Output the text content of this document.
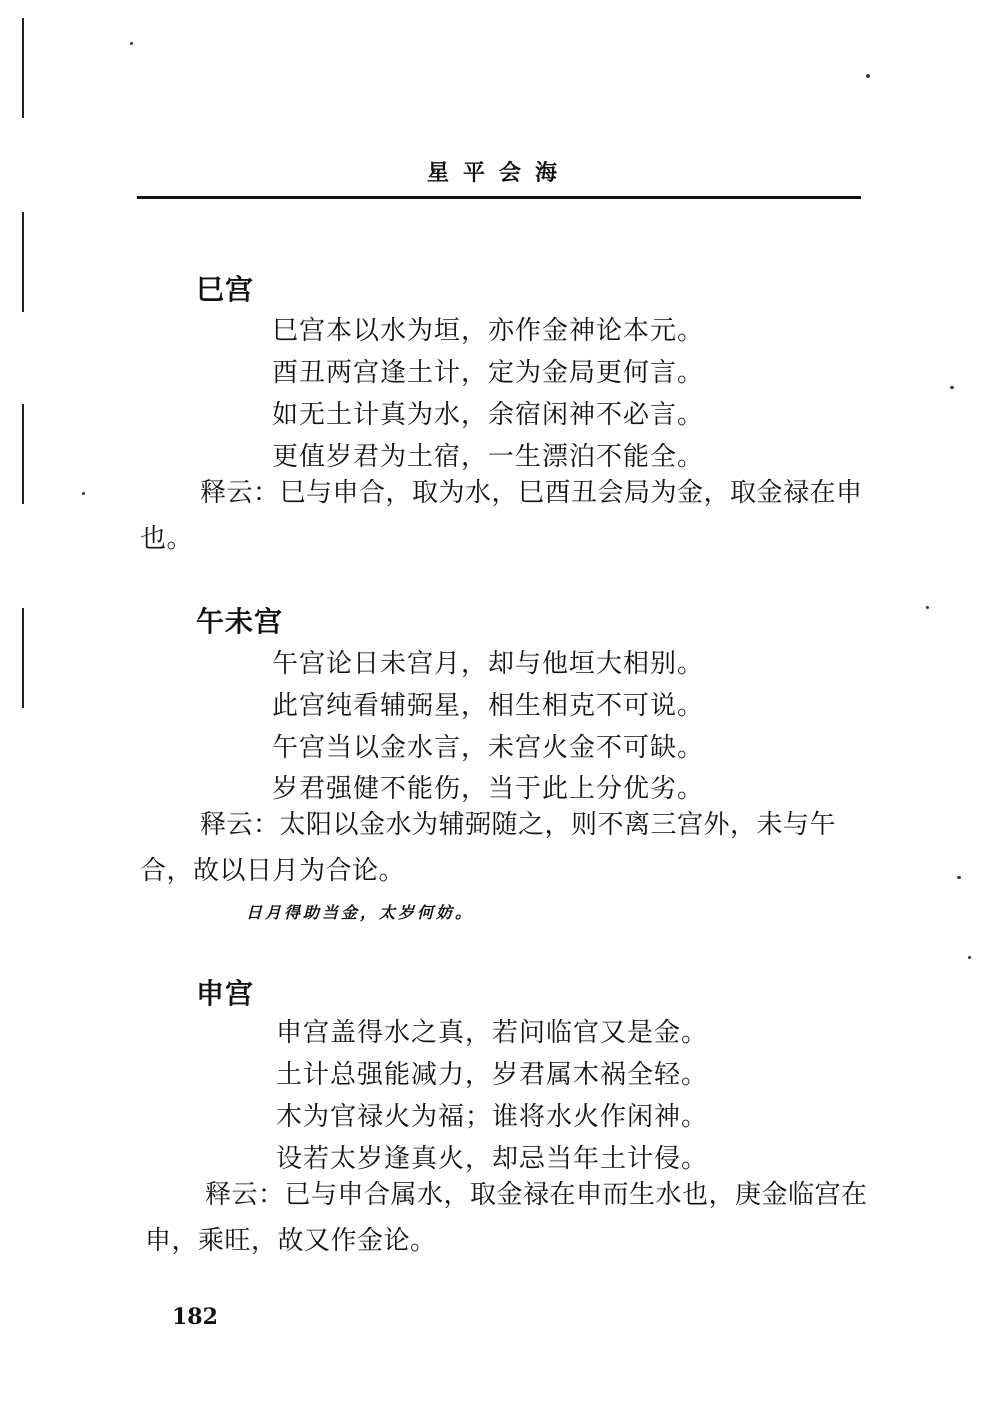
星平会海
巳宫
巳宫本以水为垣，亦作金神论本元。
酉丑两宫逢土计，定为金局更何言。
如无土计真为水，余宿闲神不必言。
更值岁君为土宿，一生漂泊不能全。
释云：巳与申合，取为水，巳酉丑会局为金，取金禄在申也。
午未宫
午宫论日未宫月，却与他垣大相别。
此宫纯看辅弼星，相生相克不可说。
午宫当以金水言，未宫火金不可缺。
岁君强健不能伤，当于此上分优劣。
释云：太阳以金水为辅弼随之，则不离三宫外，未与午合，故以日月为合论。
日月得助当金，太岁何妨。
申宫
申宫盖得水之真，若问临官又是金。
土计总强能减力，岁君属木祸全轻。
木为官禄火为福；谁将水火作闲神。
设若太岁逢真火，却忌当年土计侵。
释云：已与申合属水，取金禄在申而生水也，庚金临宫在申，乘旺，故又作金论。
182
